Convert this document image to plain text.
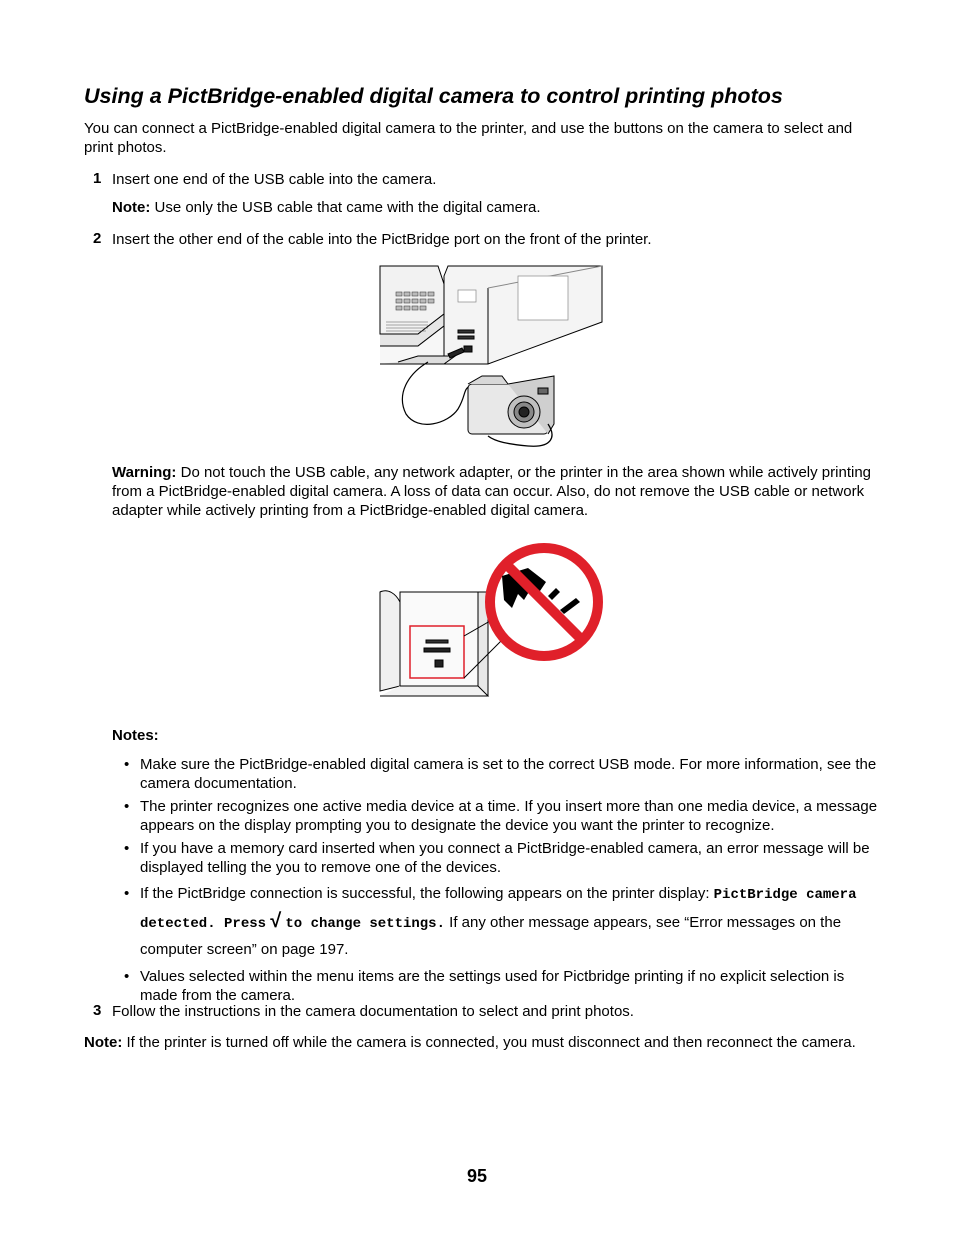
Using a PictBridge-enabled digital camera to control printing photos
You can connect a PictBridge-enabled digital camera to the printer, and use the buttons on the camera to select and print photos.
1 Insert one end of the USB cable into the camera.
Note: Use only the USB cable that came with the digital camera.
2 Insert the other end of the cable into the PictBridge port on the front of the printer.
Warning: Do not touch the USB cable, any network adapter, or the printer in the area shown while actively printing from a PictBridge-enabled digital camera. A loss of data can occur. Also, do not remove the USB cable or network adapter while actively printing from a PictBridge-enabled digital camera.
Notes:
• Make sure the PictBridge-enabled digital camera is set to the correct USB mode. For more information, see the camera documentation.
• The printer recognizes one active media device at a time. If you insert more than one media device, a message appears on the display prompting you to designate the device you want the printer to recognize.
• If you have a memory card inserted when you connect a PictBridge-enabled camera, an error message will be displayed telling the you to remove one of the devices.
• If the PictBridge connection is successful, the following appears on the printer display: PictBridge camera detected. Press √ to change settings. If any other message appears, see “Error messages on the computer screen” on page 197.
• Values selected within the menu items are the settings used for Pictbridge printing if no explicit selection is made from the camera.
3 Follow the instructions in the camera documentation to select and print photos.
Note: If the printer is turned off while the camera is connected, you must disconnect and then reconnect the camera.
95
